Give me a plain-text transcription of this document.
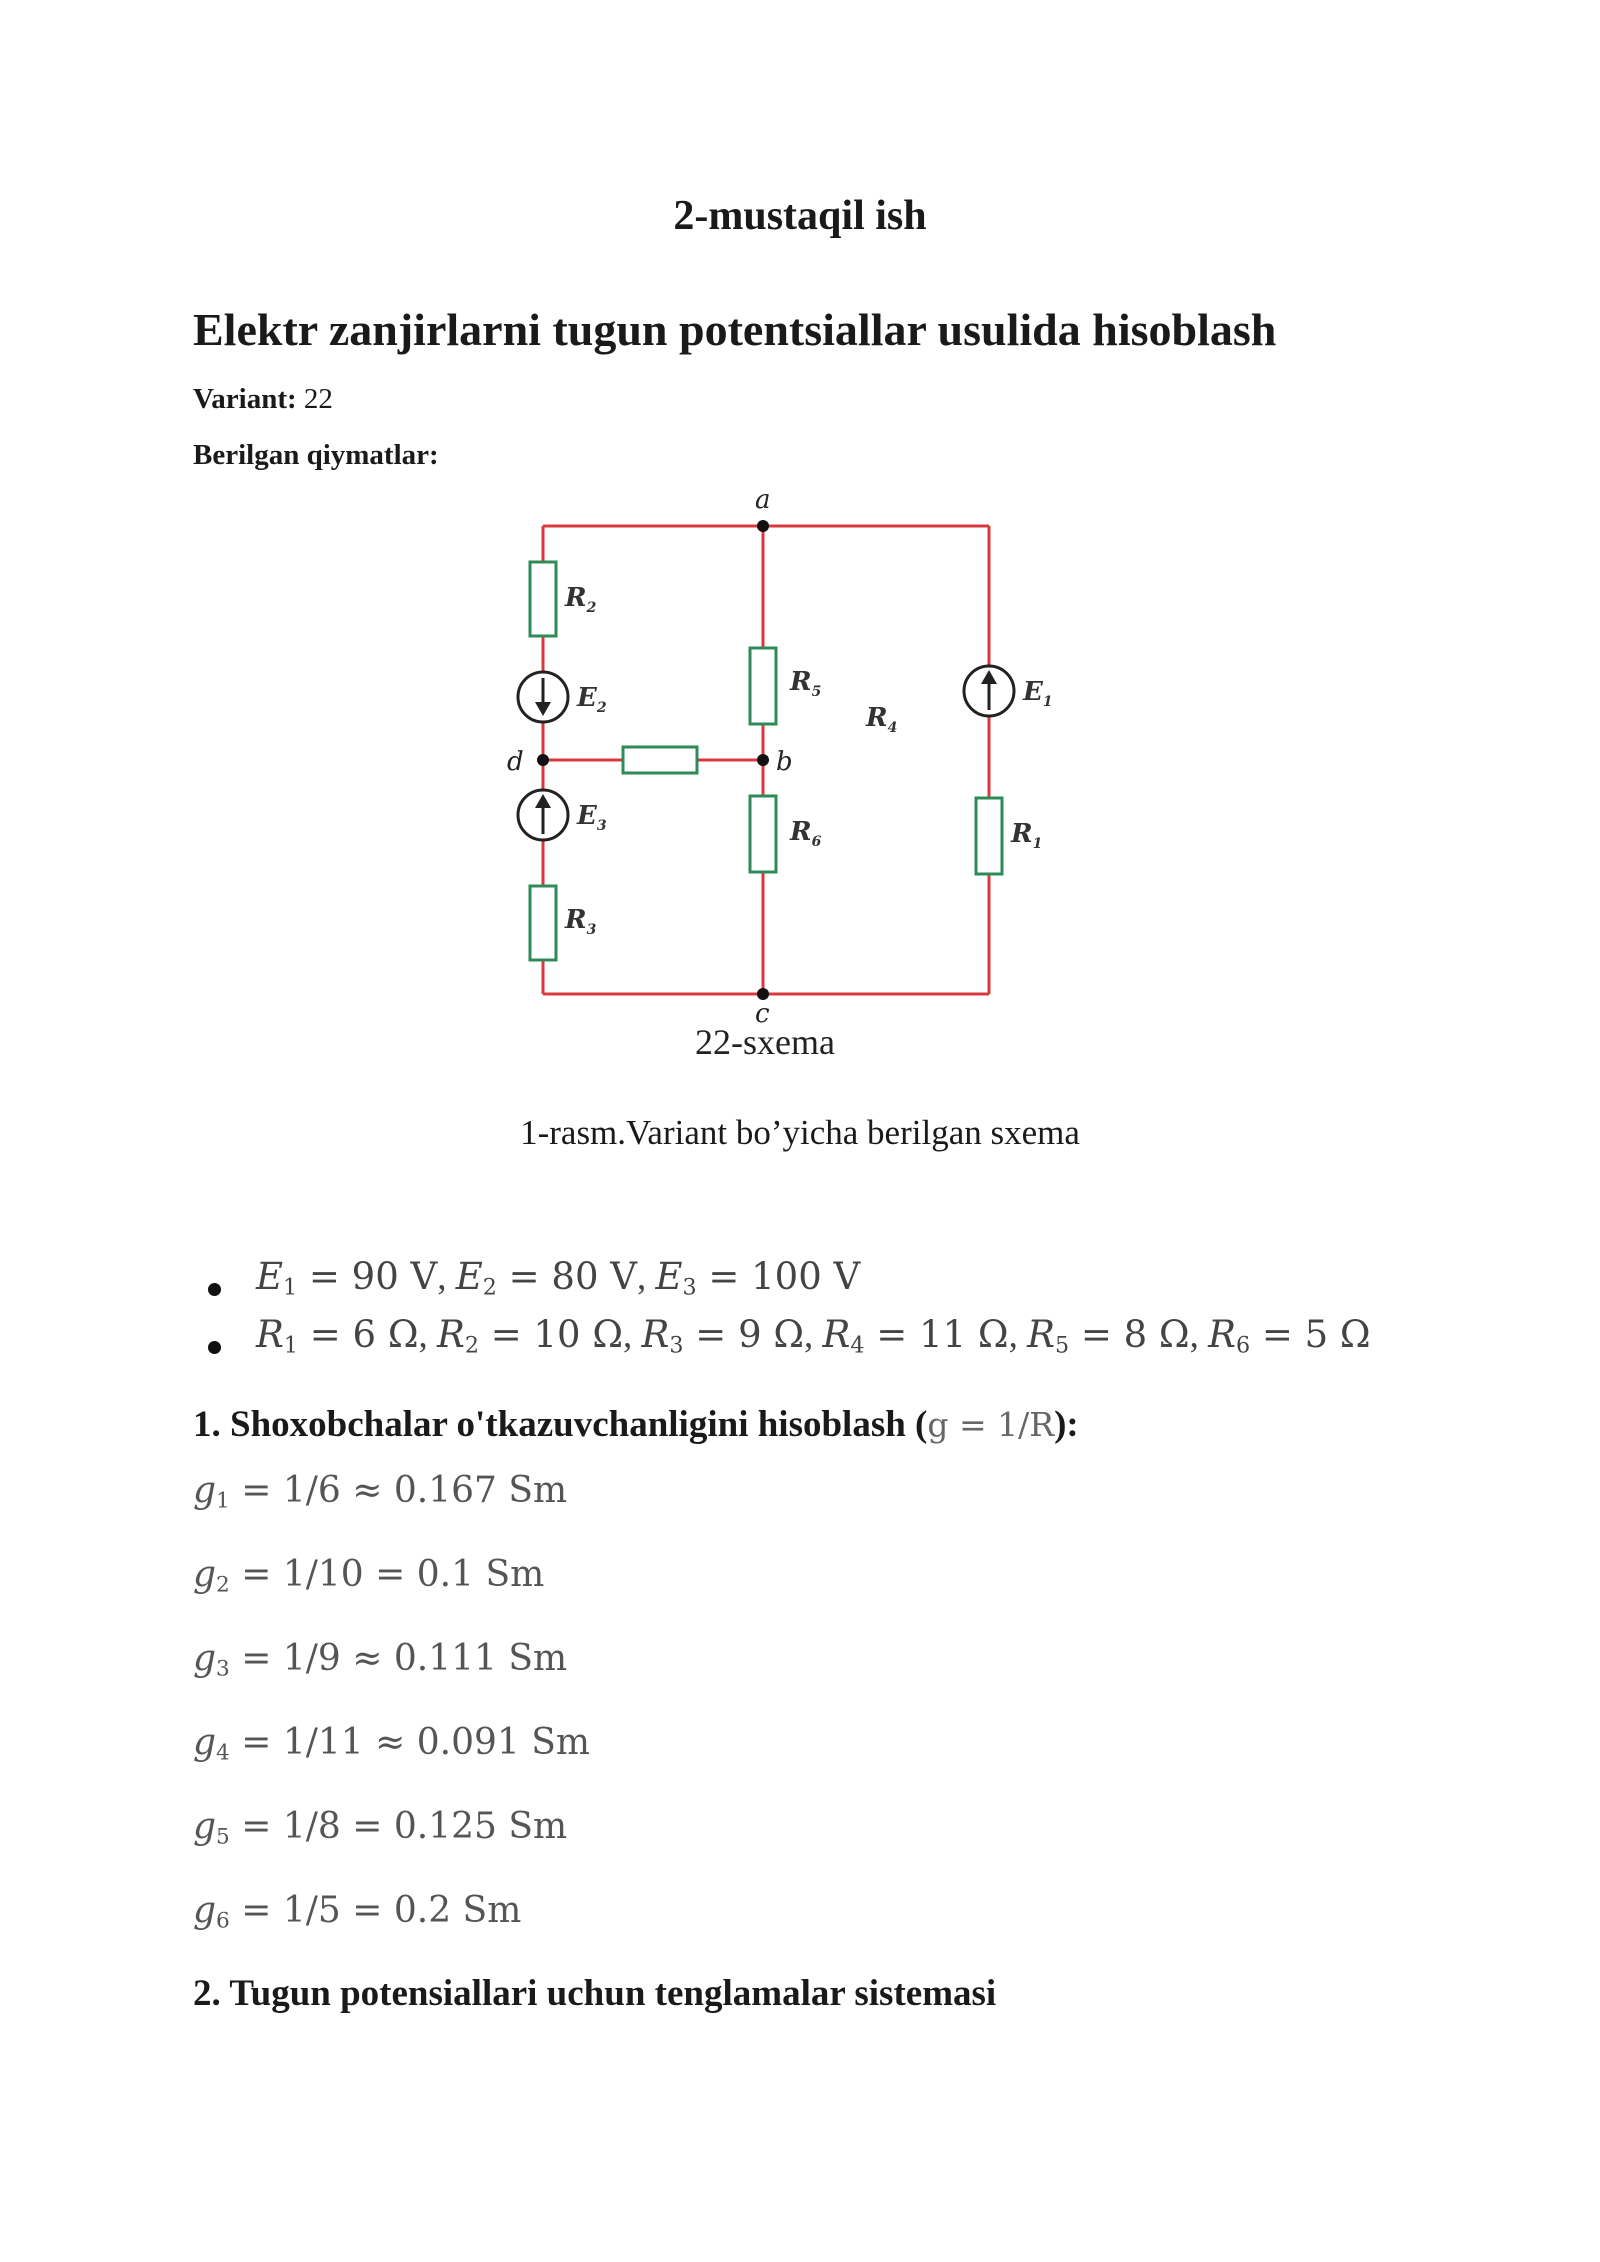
2-mustaqil ish
Elektr zanjirlarni tugun potentsiallar usulida hisoblash
Variant: 22
Berilgan qiymatlar:
a
b
c
d
$R_2$
$E_2$
$E_3$
$R_3$
$R_5$
$R_6$
$R_4$
$E_1$
$R_1$
22-sxema
1-rasm.Variant bo’yicha berilgan sxema
$E_1 = 90$ V, $E_2 = 80$ V, $E_3 = 100$ V
$R_1 = 6$ Ω, $R_2 = 10$ Ω, $R_3 = 9$ Ω, $R_4 = 11$ Ω, $R_5 = 8$ Ω, $R_6 = 5$ Ω
1. Shoxobchalar o'tkazuvchanligini hisoblash (g = 1/R):
$g_1 = 1/6 \approx 0.167$ Sm
$g_2 = 1/10 = 0.1$ Sm
$g_3 = 1/9 \approx 0.111$ Sm
$g_4 = 1/11 \approx 0.091$ Sm
$g_5 = 1/8 = 0.125$ Sm
$g_6 = 1/5 = 0.2$ Sm
2. Tugun potensiallari uchun tenglamalar sistemasi
